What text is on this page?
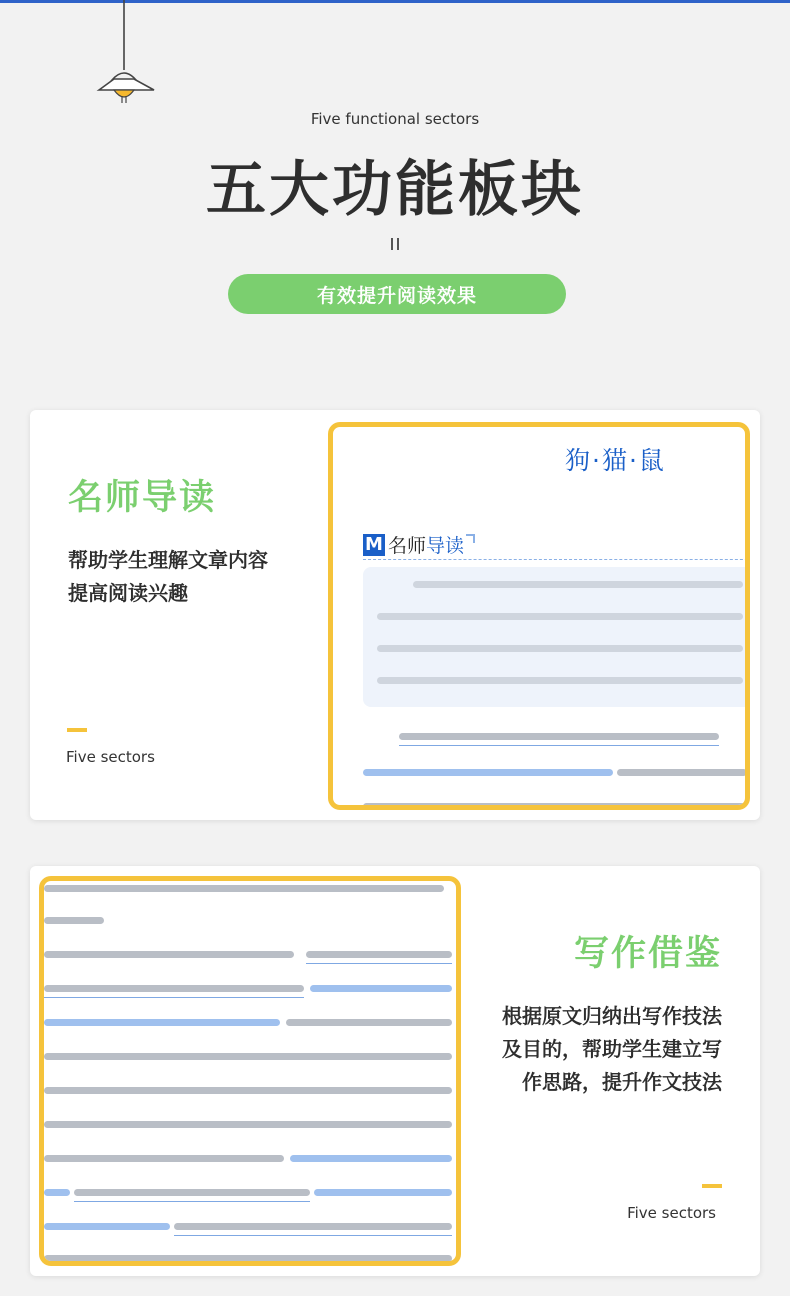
Five functional sectors
五大功能板块
有效提升阅读效果
名师导读
帮助学生理解文章内容
提高阅读兴趣
Five sectors
狗·猫·鼠
M 名师 导读
写作借鉴
根据原文归纳出写作技法
及目的，帮助学生建立写
作思路，提升作文技法
Five sectors
